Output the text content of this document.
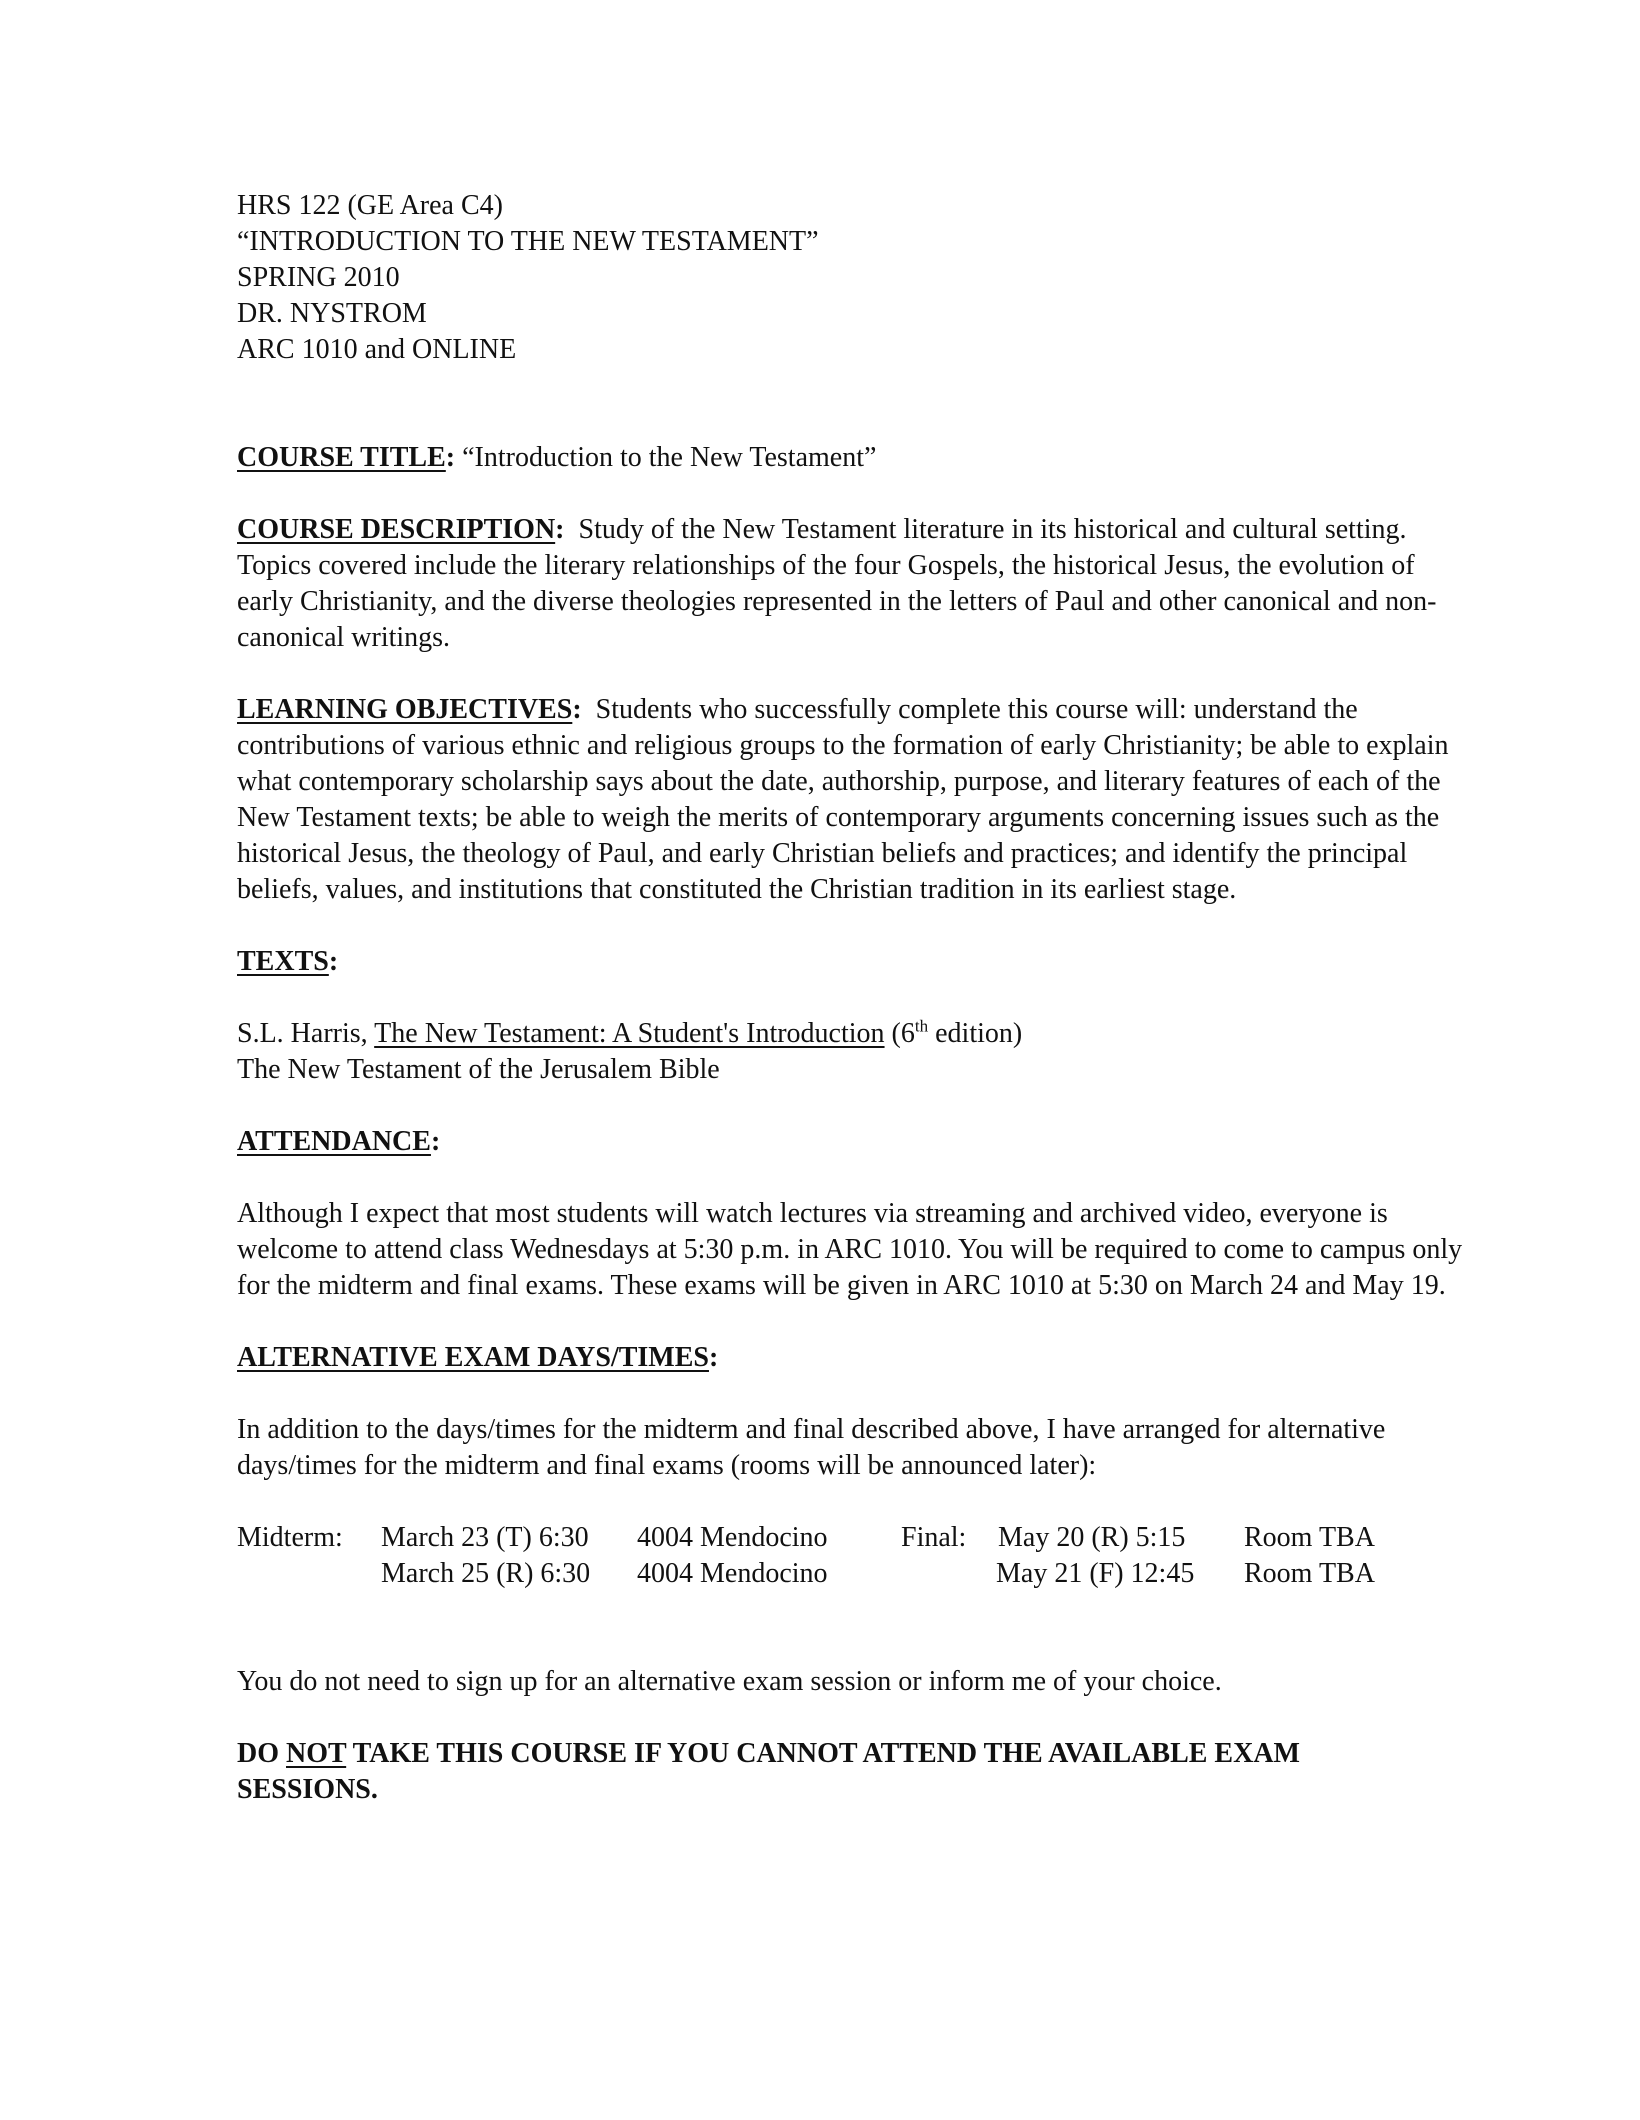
HRS 122 (GE Area C4)
“INTRODUCTION TO THE NEW TESTAMENT”
SPRING 2010
DR. NYSTROM
ARC 1010 and ONLINE

COURSE TITLE: “Introduction to the New Testament”

COURSE DESCRIPTION:  Study of the New Testament literature in its historical and cultural setting.  Topics covered include the literary relationships of the four Gospels, the historical Jesus, the evolution of early Christianity, and the diverse theologies represented in the letters of Paul and other canonical and non-canonical writings.

LEARNING OBJECTIVES:  Students who successfully complete this course will: understand the contributions of various ethnic and religious groups to the formation of early Christianity; be able to explain what contemporary scholarship says about the date, authorship, purpose, and literary features of each of the New Testament texts; be able to weigh the merits of contemporary arguments concerning issues such as the historical Jesus, the theology of Paul, and early Christian beliefs and practices; and identify the principal beliefs, values, and institutions that constituted the Christian tradition in its earliest stage.

TEXTS:

S.L. Harris, The New Testament: A Student's Introduction (6th edition)
The New Testament of the Jerusalem Bible

ATTENDANCE:

Although I expect that most students will watch lectures via streaming and archived video, everyone is welcome to attend class Wednesdays at 5:30 p.m. in ARC 1010. You will be required to come to campus only for the midterm and final exams. These exams will be given in ARC 1010 at 5:30 on March 24 and May 19.

ALTERNATIVE EXAM DAYS/TIMES:

In addition to the days/times for the midterm and final described above, I have arranged for alternative days/times for the midterm and final exams (rooms will be announced later):

Midterm: March 23 (T) 6:30 4004 Mendocino	Final: May 20 (R) 5:15 Room TBA
March 25 (R) 6:30 4004 Mendocino	May 21 (F) 12:45 Room TBA

You do not need to sign up for an alternative exam session or inform me of your choice.

DO NOT TAKE THIS COURSE IF YOU CANNOT ATTEND THE AVAILABLE EXAM SESSIONS.
